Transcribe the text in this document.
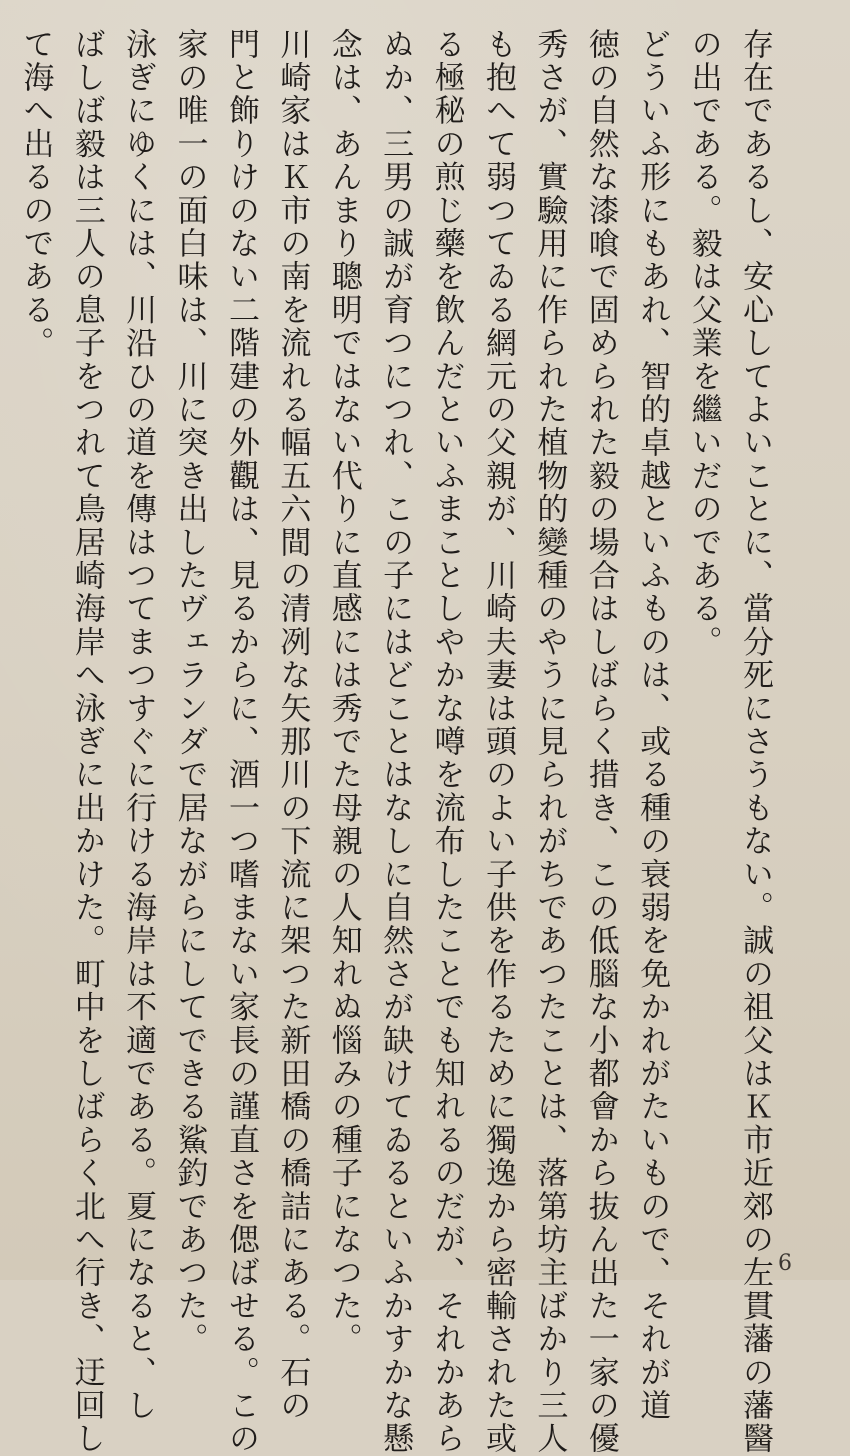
存在であるし、安心してよいことに、當分死にさうもない。誠の祖父はＫ市近郊の左貫藩の藩醫
の出である。毅は父業を繼いだのである。
どういふ形にもあれ、智的卓越といふものは、或る種の衰弱を免かれがたいもので、それが道
徳の自然な漆喰で固められた毅の場合はしばらく措き、この低腦な小都會から抜ん出た一家の優
秀さが、實驗用に作られた植物的變種のやうに見られがちであつたことは、落第坊主ばかり三人
も抱へて弱つてゐる網元の父親が、川崎夫妻は頭のよい子供を作るために獨逸から密輸された或
る極秘の煎じ藥を飲んだといふまことしやかな噂を流布したことでも知れるのだが、それかあら
ぬか、三男の誠が育つにつれ、この子にはどことはなしに自然さが缺けてゐるといふかすかな懸
念は、あんまり聰明ではない代りに直感には秀でた母親の人知れぬ惱みの種子になつた。
川崎家はＫ市の南を流れる幅五六間の清冽な矢那川の下流に架つた新田橋の橋詰にある。石の
門と飾りけのない二階建の外觀は、見るからに、酒一つ嗜まない家長の謹直さを偲ばせる。この
家の唯一の面白味は、川に突き出したヴェランダで居ながらにしてできる鯊釣であつた。
泳ぎにゆくには、川沿ひの道を傳はつてまつすぐに行ける海岸は不適である。夏になると、し
ばしば毅は三人の息子をつれて鳥居崎海岸へ泳ぎに出かけた。町中をしばらく北へ行き、迂回し
て海へ出るのである。
6
